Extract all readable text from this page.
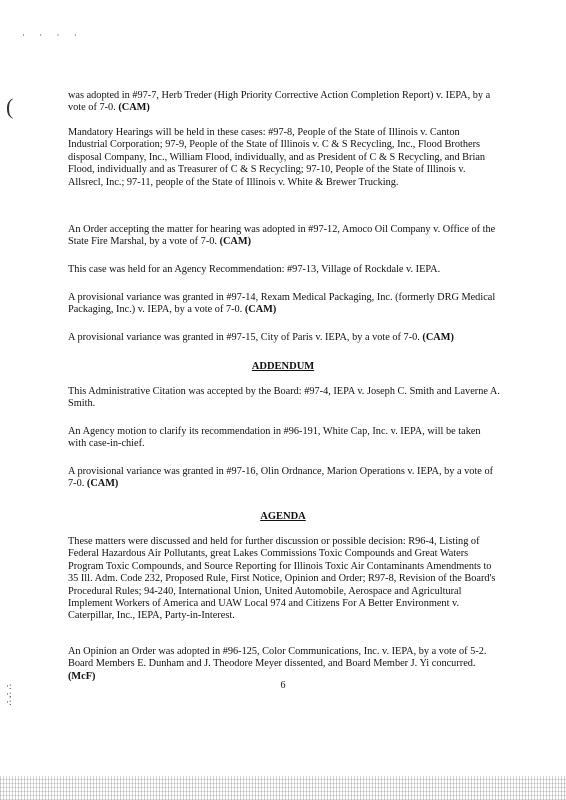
· · · ·
(
·:
·;
·:

was adopted in #97-7, Herb Treder (High Priority Corrective Action Completion Report) v. IEPA, by a vote of 7-0. (CAM)

Mandatory Hearings will be held in these cases: #97-8, People of the State of Illinois v. Canton Industrial Corporation; 97-9, People of the State of Illinois v. C & S Recycling, Inc., Flood Brothers disposal Company, Inc., William Flood, individually, and as President of C & S Recycling, and Brian Flood, individually and as Treasurer of C & S Recycling; 97-10, People of the State of Illinois v. Allsrecl, Inc.; 97-11, people of the State of Illinois v. White & Brewer Trucking.

An Order accepting the matter for hearing was adopted in #97-12, Amoco Oil Company v. Office of the State Fire Marshal, by a vote of 7-0. (CAM)

This case was held for an Agency Recommendation: #97-13, Village of Rockdale v. IEPA.

A provisional variance was granted in #97-14, Rexam Medical Packaging, Inc. (formerly DRG Medical Packaging, Inc.) v. IEPA, by a vote of 7-0. (CAM)

A provisional variance was granted in #97-15, City of Paris v. IEPA, by a vote of 7-0. (CAM)

ADDENDUM

This Administrative Citation was accepted by the Board: #97-4, IEPA v. Joseph C. Smith and Laverne A. Smith.

An Agency motion to clarify its recommendation in #96-191, White Cap, Inc. v. IEPA, will be taken with case-in-chief.

A provisional variance was granted in #97-16, Olin Ordnance, Marion Operations v. IEPA, by a vote of 7-0. (CAM)

AGENDA

These matters were discussed and held for further discussion or possible decision: R96-4, Listing of Federal Hazardous Air Pollutants, great Lakes Commissions Toxic Compounds and Great Waters Program Toxic Compounds, and Source Reporting for Illinois Toxic Air Contaminants Amendments to 35 Ill. Adm. Code 232, Proposed Rule, First Notice, Opinion and Order; R97-8, Revision of the Board's Procedural Rules; 94-240, International Union, United Automobile, Aerospace and Agricultural Implement Workers of America and UAW Local 974 and Citizens For A Better Environment v. Caterpillar, Inc., IEPA, Party-in-Interest.

An Opinion an Order was adopted in #96-125, Color Communications, Inc. v. IEPA, by a vote of 5-2. Board Members E. Dunham and J. Theodore Meyer dissented, and Board Member J. Yi concurred. (McF)

6
